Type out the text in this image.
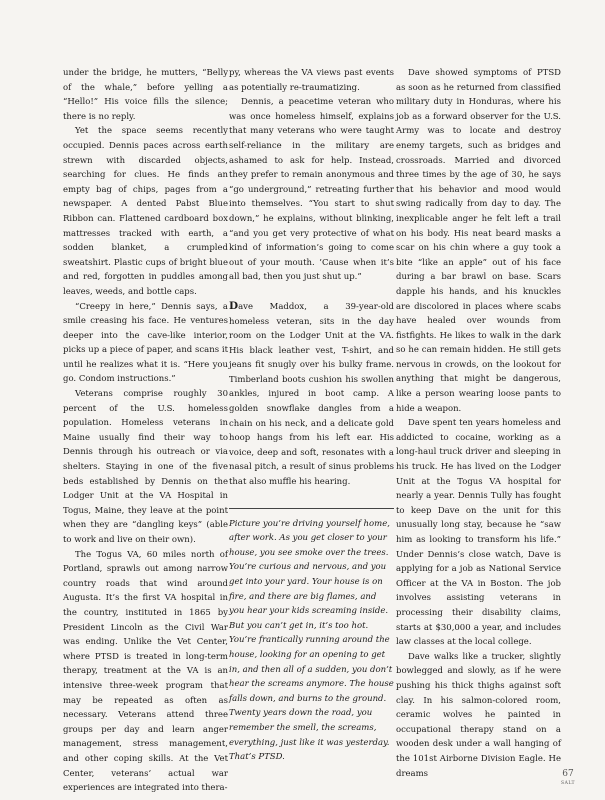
under the bridge, he mutters, “Belly of the whale,” before yelling a “Hello!” His voice fills the silence; there is no reply.

Yet the space seems recently occupied. Dennis paces across earth strewn with discarded objects, searching for clues. He finds an empty bag of chips, pages from a newspaper. A dented Pabst Blue Ribbon can. Flattened cardboard box mattresses tracked with earth, a sodden blanket, a crumpled sweatshirt. Plastic cups of bright blue and red, forgotten in puddles among leaves, weeds, and bottle caps.

“Creepy in here,” Dennis says, a smile creasing his face. He ventures deeper into the cave-like interior, picks up a piece of paper, and scans it until he realizes what it is. “Here you go. Condom instructions.”

Veterans comprise roughly 30 percent of the U.S. homeless population. Homeless veterans in Maine usually find their way to Dennis through his outreach or via shelters. Staying in one of the five beds established by Dennis on the Lodger Unit at the VA Hospital in Togus, Maine, they leave at the point when they are “dangling keys” (able to work and live on their own).

The Togus VA, 60 miles north of Portland, sprawls out among narrow country roads that wind around Augusta. It’s the first VA hospital in the country, instituted in 1865 by President Lincoln as the Civil War was ending. Unlike the Vet Center, where PTSD is treated in long-term therapy, treatment at the VA is an intensive three-week program that may be repeated as often as necessary. Veterans attend three groups per day and learn anger management, stress management, and other coping skills. At the Vet Center, veterans’ actual war experiences are integrated into thera-

py, whereas the VA views past events as potentially re-traumatizing.

Dennis, a peacetime veteran who was once homeless himself, explains that many veterans who were taught self-reliance in the military are ashamed to ask for help. Instead, they prefer to remain anonymous and “go underground,” retreating further into themselves. “You start to shut down,” he explains, without blinking, “and you get very protective of what kind of information’s going to come out of your mouth. ’Cause when it’s all bad, then you just shut up.”

Dave Maddox, a 39-year-old homeless veteran, sits in the day room on the Lodger Unit at the VA. His black leather vest, T-shirt, and jeans fit snugly over his bulky frame. Timberland boots cushion his swollen ankles, injured in boot camp. A golden snowflake dangles from a chain on his neck, and a delicate gold hoop hangs from his left ear. His voice, deep and soft, resonates with a nasal pitch, a result of sinus problems that also muffle his hearing.

Picture you’re driving yourself home, after work. As you get closer to your house, you see smoke over the trees. You’re curious and nervous, and you get into your yard. Your house is on fire, and there are big flames, and you hear your kids screaming inside. But you can’t get in, it’s too hot. You’re frantically running around the house, looking for an opening to get in, and then all of a sudden, you don’t hear the screams anymore. The house falls down, and burns to the ground. Twenty years down the road, you remember the smell, the screams, everything, just like it was yesterday. That’s PTSD.

Dave showed symptoms of PTSD as soon as he returned from classified military duty in Honduras, where his job as a forward observer for the U.S. Army was to locate and destroy enemy targets, such as bridges and crossroads. Married and divorced three times by the age of 30, he says that his behavior and mood would swing radically from day to day. The inexplicable anger he felt left a trail on his body. His neat beard masks a scar on his chin where a guy took a bite “like an apple” out of his face during a bar brawl on base. Scars dapple his hands, and his knuckles are discolored in places where scabs have healed over wounds from fistfights. He likes to walk in the dark so he can remain hidden. He still gets nervous in crowds, on the lookout for anything that might be dangerous, like a person wearing loose pants to hide a weapon.

Dave spent ten years homeless and addicted to cocaine, working as a long-haul truck driver and sleeping in his truck. He has lived on the Lodger Unit at the Togus VA hospital for nearly a year. Dennis Tully has fought to keep Dave on the unit for this unusually long stay, because he “saw him as looking to transform his life.” Under Dennis’s close watch, Dave is applying for a job as National Service Officer at the VA in Boston. The job involves assisting veterans in processing their disability claims, starts at $30,000 a year, and includes law classes at the local college.

Dave walks like a trucker, slightly bowlegged and slowly, as if he were pushing his thick thighs against soft clay. In his salmon-colored room, ceramic wolves he painted in occupational therapy stand on a wooden desk under a wall hanging of the 101st Airborne Division Eagle. He dreams	67
SALT
